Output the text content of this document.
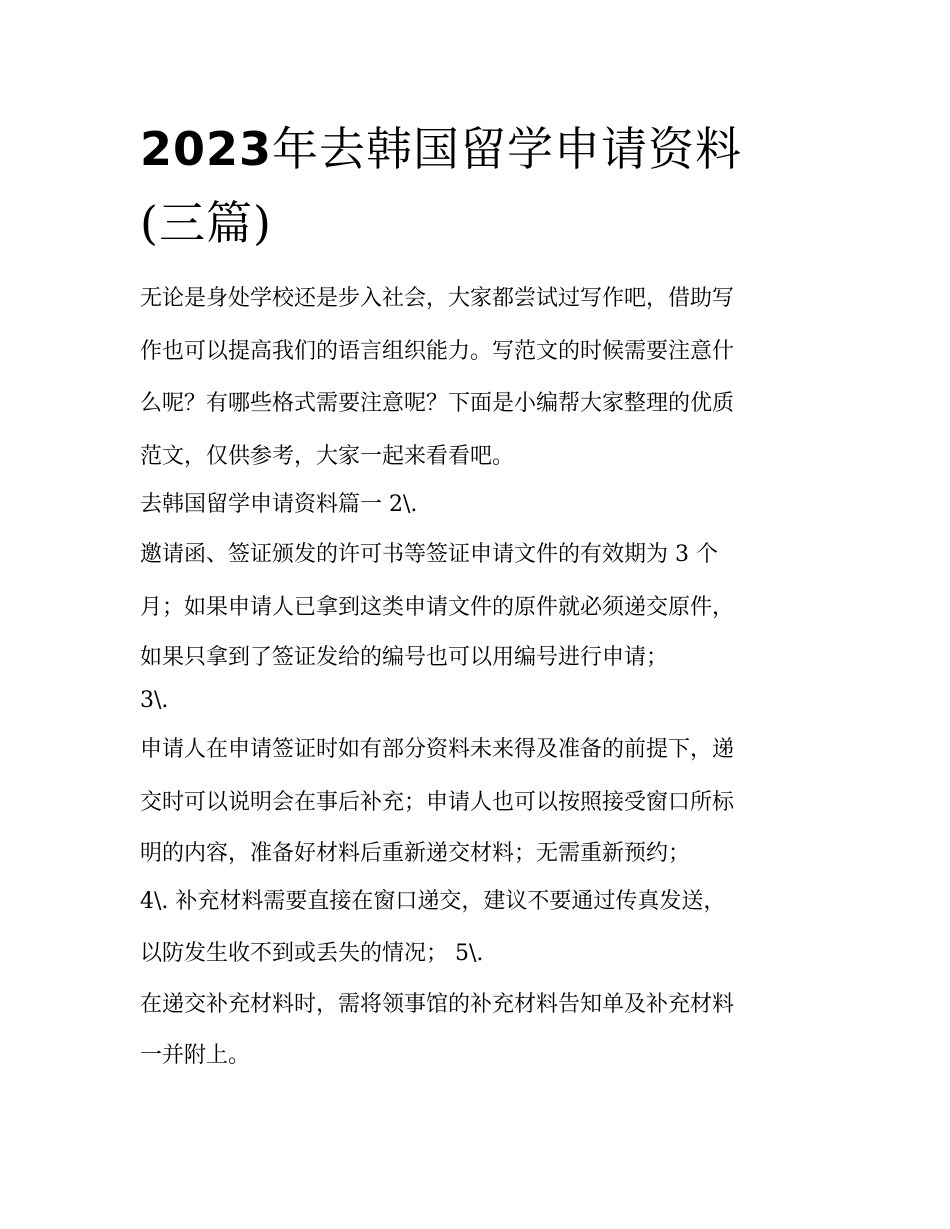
2023年去韩国留学申请资料
(三篇)

无论是身处学校还是步入社会，大家都尝试过写作吧，借助写

作也可以提高我们的语言组织能力。写范文的时候需要注意什

么呢？有哪些格式需要注意呢？下面是小编帮大家整理的优质

范文，仅供参考，大家一起来看看吧。

去韩国留学申请资料篇一 2\.

邀请函、签证颁发的许可书等签证申请文件的有效期为 3 个

月；如果申请人已拿到这类申请文件的原件就必须递交原件，

如果只拿到了签证发给的编号也可以用编号进行申请；

3\.

申请人在申请签证时如有部分资料未来得及准备的前提下，递

交时可以说明会在事后补充；申请人也可以按照接受窗口所标

明的内容，准备好材料后重新递交材料；无需重新预约；

4\. 补充材料需要直接在窗口递交，建议不要通过传真发送，

以防发生收不到或丢失的情况； 5\.

在递交补充材料时，需将领事馆的补充材料告知单及补充材料

一并附上。
